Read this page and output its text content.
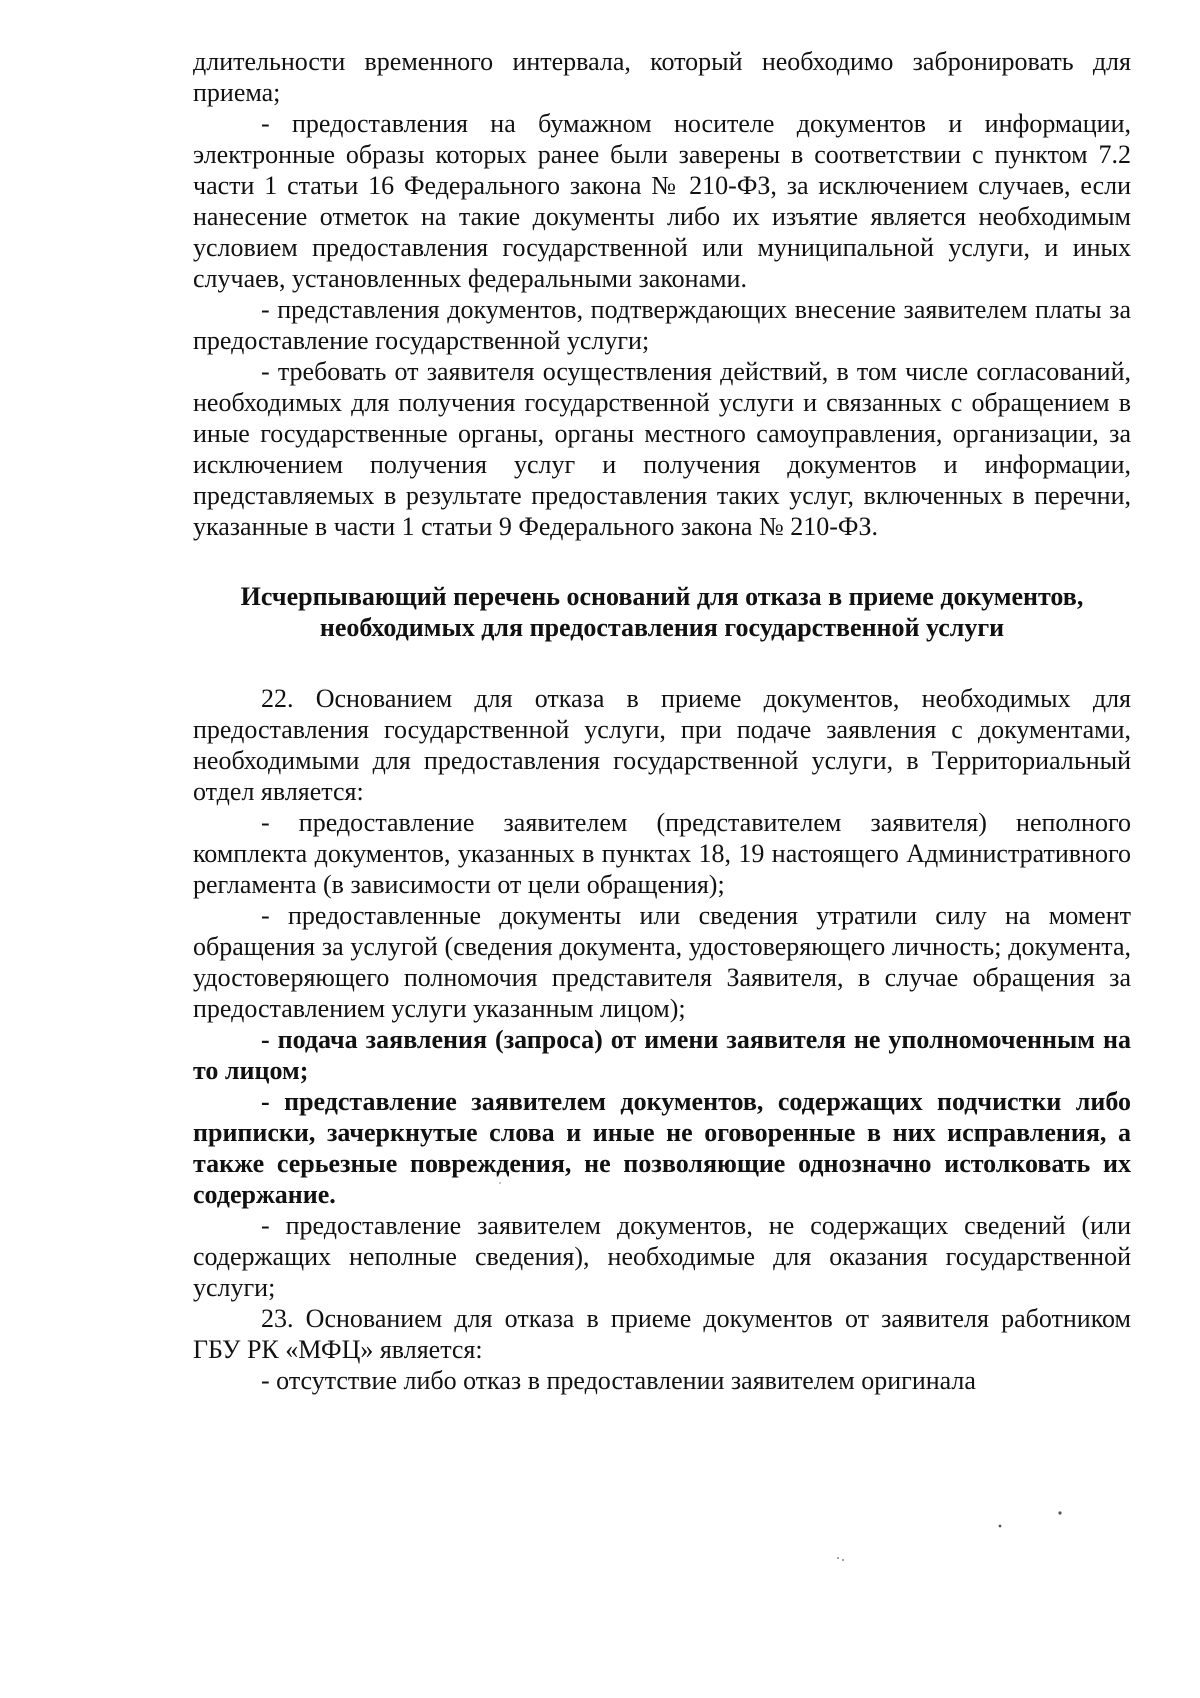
длительности временного интервала, который необходимо забронировать для приема;

- предоставления на бумажном носителе документов и информации, электронные образы которых ранее были заверены в соответствии с пунктом 7.2 части 1 статьи 16 Федерального закона № 210-ФЗ, за исключением случаев, если нанесение отметок на такие документы либо их изъятие является необходимым условием предоставления государственной или муниципальной услуги, и иных случаев, установленных федеральными законами.

- представления документов, подтверждающих внесение заявителем платы за предоставление государственной услуги;

- требовать от заявителя осуществления действий, в том числе согласований, необходимых для получения государственной услуги и связанных с обращением в иные государственные органы, органы местного самоуправления, организации, за исключением получения услуг и получения документов и информации, представляемых в результате предоставления таких услуг, включенных в перечни, указанные в части 1 статьи 9 Федерального закона № 210-ФЗ.

Исчерпывающий перечень оснований для отказа в приеме документов, необходимых для предоставления государственной услуги

22. Основанием для отказа в приеме документов, необходимых для предоставления государственной услуги, при подаче заявления с документами, необходимыми для предоставления государственной услуги, в Территориальный отдел является:

- предоставление заявителем (представителем заявителя) неполного комплекта документов, указанных в пунктах 18, 19 настоящего Административного регламента (в зависимости от цели обращения);

- предоставленные документы или сведения утратили силу на момент обращения за услугой (сведения документа, удостоверяющего личность; документа, удостоверяющего полномочия представителя Заявителя, в случае обращения за предоставлением услуги указанным лицом);

- подача заявления (запроса) от имени заявителя не уполномоченным на то лицом;

- представление заявителем документов, содержащих подчистки либо приписки, зачеркнутые слова и иные не оговоренные в них исправления, а также серьезные повреждения, не позволяющие однозначно истолковать их содержание.

- предоставление заявителем документов, не содержащих сведений (или содержащих неполные сведения), необходимые для оказания государственной услуги;

23. Основанием для отказа в приеме документов от заявителя работником ГБУ РК «МФЦ» является:

- отсутствие либо отказ в предоставлении заявителем оригинала
